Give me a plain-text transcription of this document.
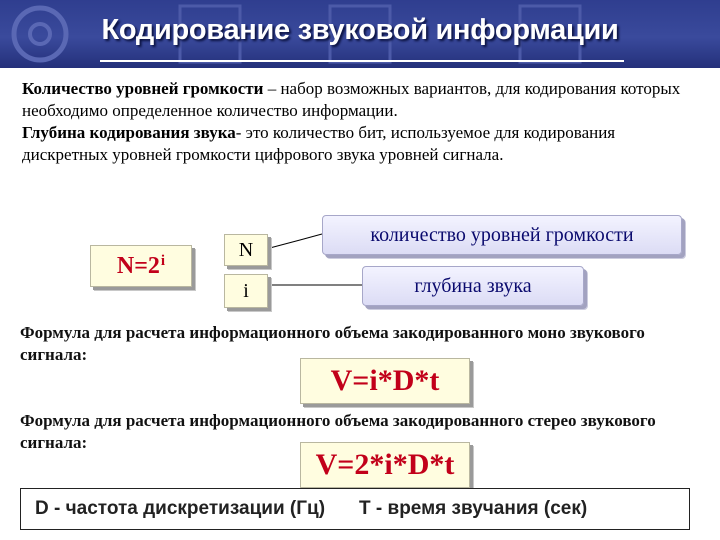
Кодирование звуковой информации

Количество уровней громкости – набор возможных вариантов, для кодирования которых необходимо определенное количество информации.

Глубина кодирования звука- это количество бит, используемое для кодирования дискретных уровней громкости цифрового звука уровней сигнала.

$N=2^i$	N
i
количество уровней громкости
глубина звука
Формула для расчета информационного объема закодированного моно звукового сигнала:
V=i*D*t
Формула для расчета информационного объема закодированного стерео звукового сигнала:
V=2*i*D*t
D - частота дискретизации (Гц) T - время звучания (сек)
